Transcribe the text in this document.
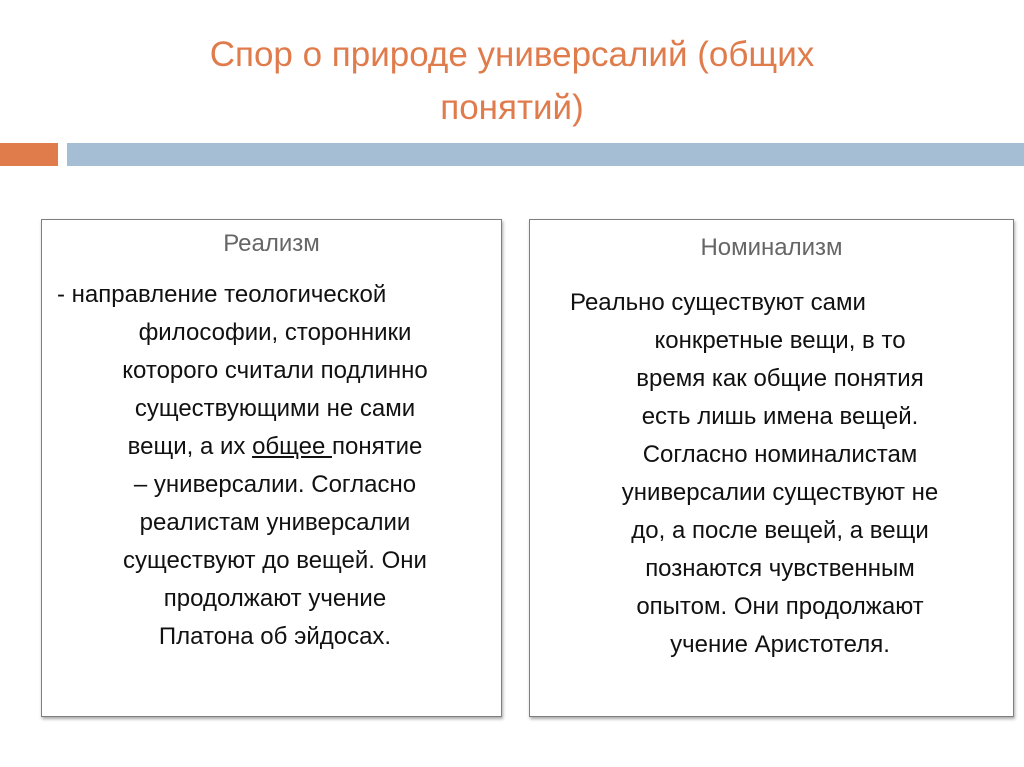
Спор о природе универсалий (общих
понятий)
Реализм
- направление теологической
философии, сторонники
которого считали подлинно
существующими не сами
вещи, а их общее понятие
– универсалии. Согласно
реалистам универсалии
существуют до вещей. Они
продолжают учение
Платона об эйдосах.
Номинализм
Реально существуют сами
конкретные вещи, в то
время как общие понятия
есть лишь имена вещей.
Согласно номиналистам
универсалии существуют не
до, а после вещей, а вещи
познаются чувственным
опытом. Они продолжают
учение Аристотеля.
